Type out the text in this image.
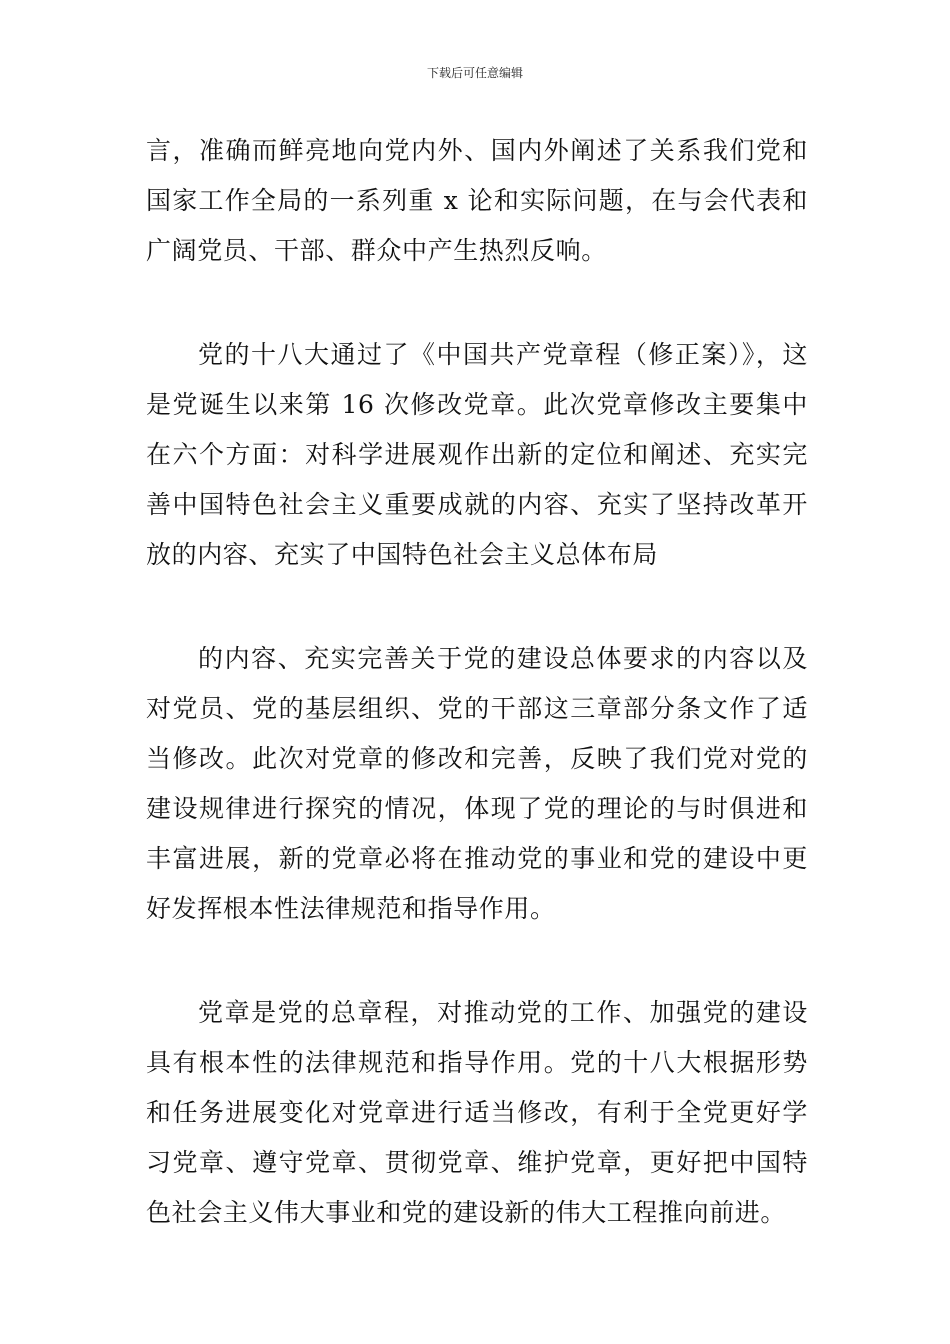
下载后可任意编辑

言，准确而鲜亮地向党内外、国内外阐述了关系我们党和国家工作全局的一系列重 x 论和实际问题，在与会代表和广阔党员、干部、群众中产生热烈反响。

党的十八大通过了《中国共产党章程（修正案）》，这是党诞生以来第 16 次修改党章。此次党章修改主要集中在六个方面：对科学进展观作出新的定位和阐述、充实完善中国特色社会主义重要成就的内容、充实了坚持改革开放的内容、充实了中国特色社会主义总体布局

的内容、充实完善关于党的建设总体要求的内容以及对党员、党的基层组织、党的干部这三章部分条文作了适当修改。此次对党章的修改和完善，反映了我们党对党的建设规律进行探究的情况，体现了党的理论的与时俱进和丰富进展，新的党章必将在推动党的事业和党的建设中更好发挥根本性法律规范和指导作用。

党章是党的总章程，对推动党的工作、加强党的建设具有根本性的法律规范和指导作用。党的十八大根据形势和任务进展变化对党章进行适当修改，有利于全党更好学习党章、遵守党章、贯彻党章、维护党章，更好把中国特色社会主义伟大事业和党的建设新的伟大工程推向前进。
